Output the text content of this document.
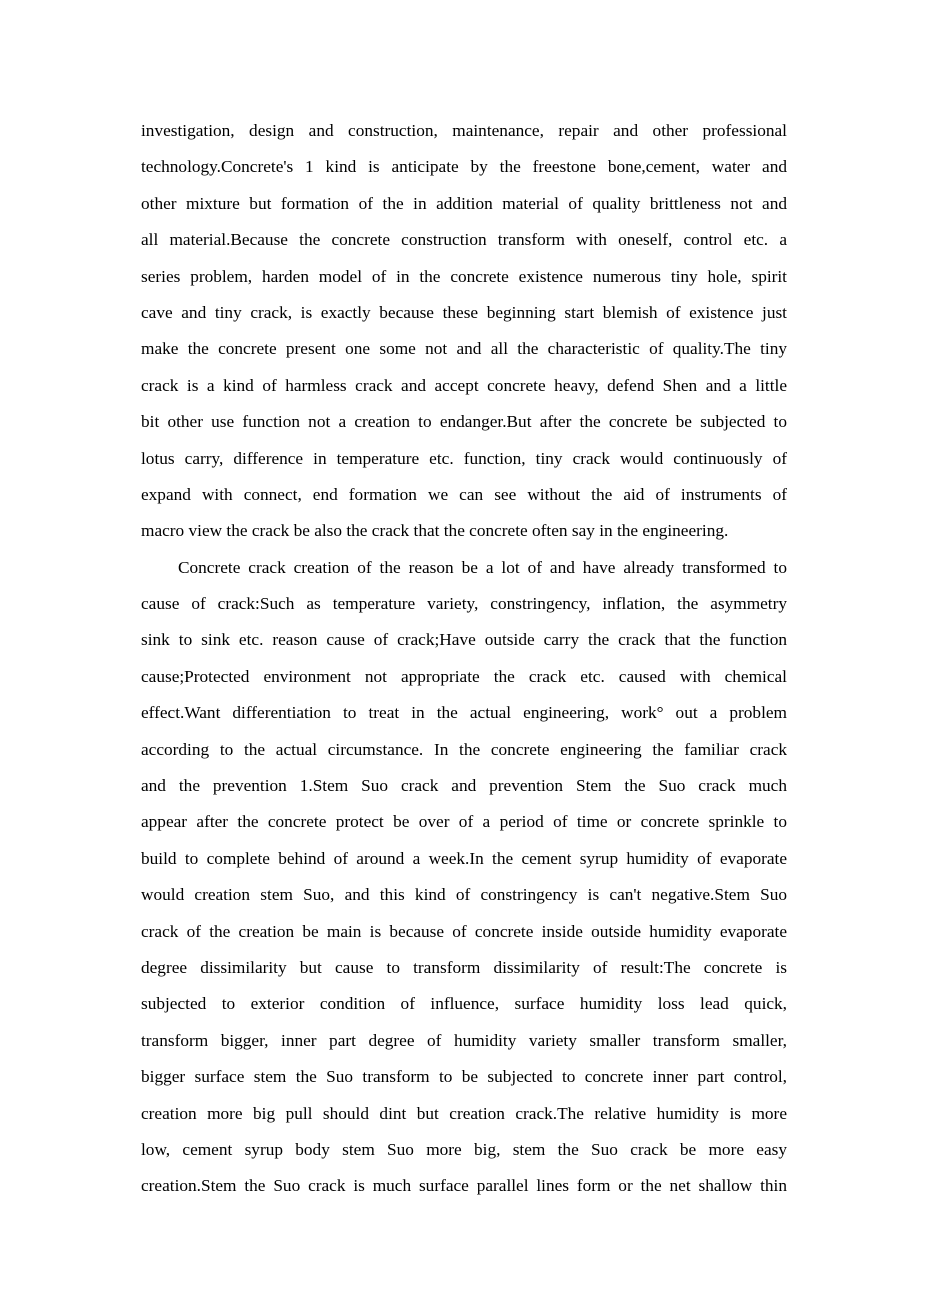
investigation, design and construction, maintenance, repair and other professional
technology.Concrete's 1 kind is anticipate by the freestone bone,cement, water and
other mixture but formation of the in addition material of quality brittleness not and
all material.Because the concrete construction transform with oneself, control etc. a
series problem, harden model of in the concrete existence numerous tiny hole, spirit
cave and tiny crack, is exactly because these beginning start blemish of existence just
make the concrete present one some not and all the characteristic of quality.The tiny
crack is a kind of harmless crack and accept concrete heavy, defend Shen and a little
bit other use function not a creation to endanger.But after the concrete be subjected to
lotus carry, difference in temperature etc. function, tiny crack would continuously of
expand with connect, end formation we can see without the aid of instruments of
macro view the crack be also the crack that the concrete often say in the engineering.
Concrete crack creation of the reason be a lot of and have already transformed to
cause of crack:Such as temperature variety, constringency, inflation, the asymmetry
sink to sink etc. reason cause of crack;Have outside carry the crack that the function
cause;Protected environment not appropriate the crack etc. caused with chemical
effect.Want differentiation to treat in the actual engineering, work° out a problem
according to the actual circumstance. In the concrete engineering the familiar crack
and the prevention 1.Stem Suo crack and prevention Stem the Suo crack much
appear after the concrete protect be over of a period of time or concrete sprinkle to
build to complete behind of around a week.In the cement syrup humidity of evaporate
would creation stem Suo, and this kind of constringency is can't negative.Stem Suo
crack of the creation be main is because of concrete inside outside humidity evaporate
degree dissimilarity but cause to transform dissimilarity of result:The concrete is
subjected to exterior condition of influence, surface humidity loss lead quick,
transform bigger, inner part degree of humidity variety smaller transform smaller,
bigger surface stem the Suo transform to be subjected to concrete inner part control,
creation more big pull should dint but creation crack.The relative humidity is more
low, cement syrup body stem Suo more big, stem the Suo crack be more easy
creation.Stem the Suo crack is much surface parallel lines form or the net shallow thin
